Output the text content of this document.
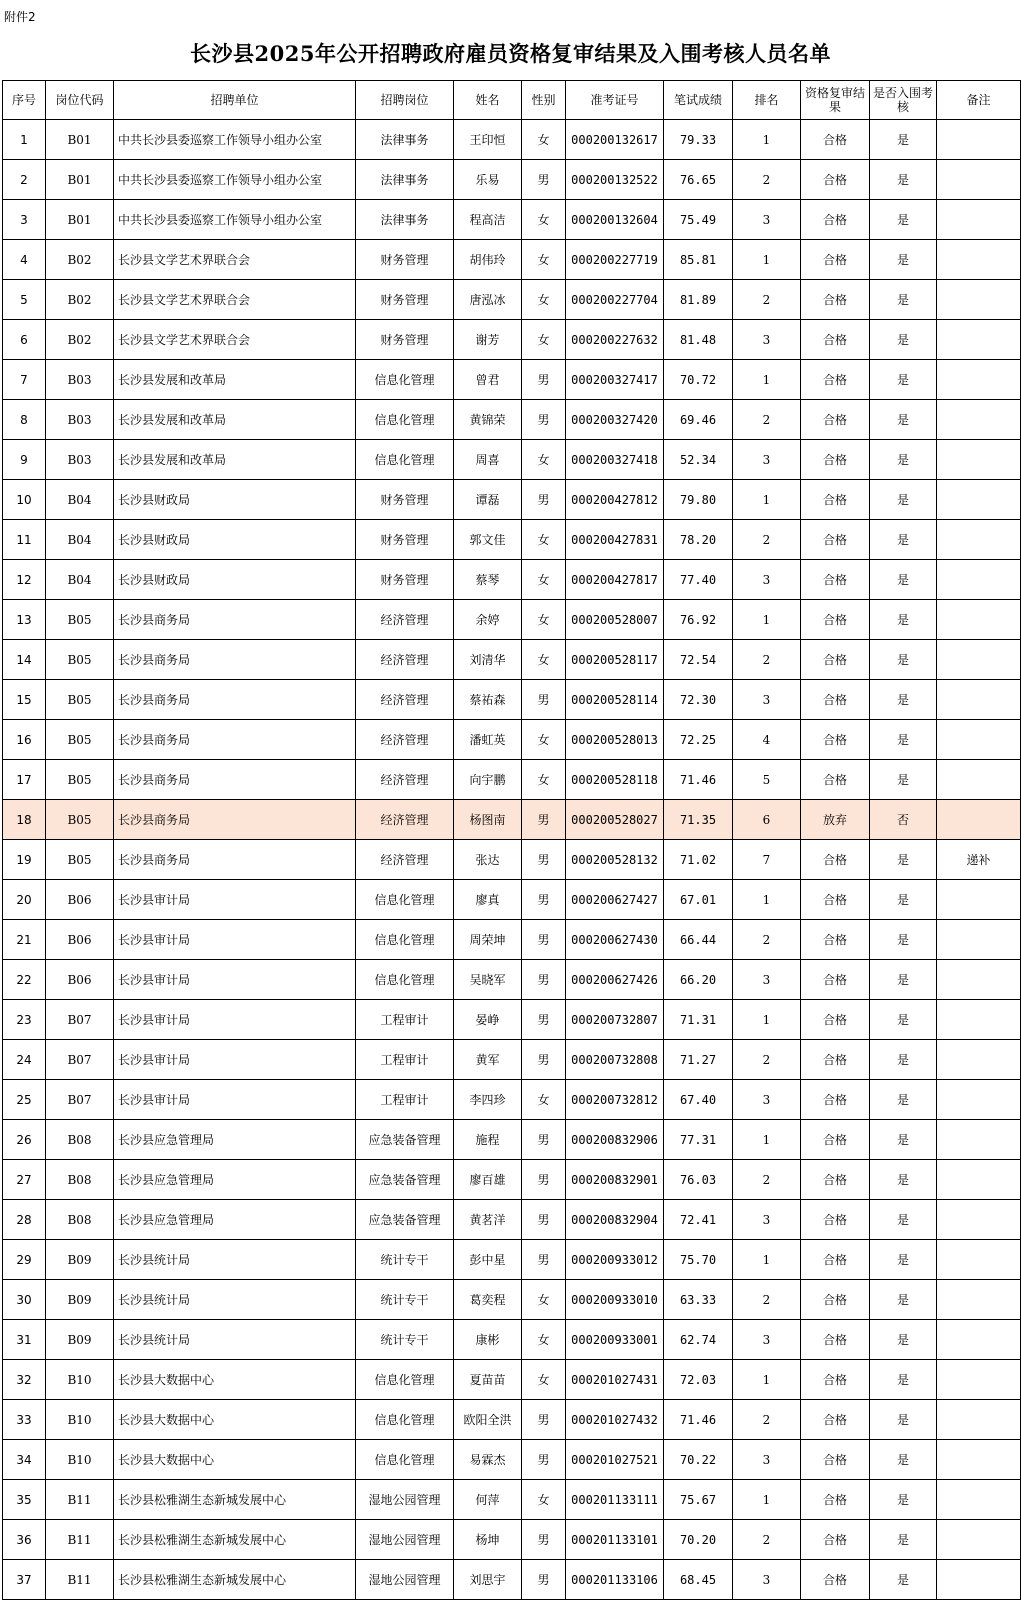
附件2
长沙县2025年公开招聘政府雇员资格复审结果及入围考核人员名单
序号	岗位代码	招聘单位	招聘岗位	姓名	性别	准考证号	笔试成绩	排名	资格复审结果	是否入围考核	备注
1	B01	中共长沙县委巡察工作领导小组办公室	法律事务	王印恒	女	000200132617	79.33	1	合格	是	
2	B01	中共长沙县委巡察工作领导小组办公室	法律事务	乐易	男	000200132522	76.65	2	合格	是	
3	B01	中共长沙县委巡察工作领导小组办公室	法律事务	程高洁	女	000200132604	75.49	3	合格	是	
4	B02	长沙县文学艺术界联合会	财务管理	胡伟玲	女	000200227719	85.81	1	合格	是	
5	B02	长沙县文学艺术界联合会	财务管理	唐泓冰	女	000200227704	81.89	2	合格	是	
6	B02	长沙县文学艺术界联合会	财务管理	谢芳	女	000200227632	81.48	3	合格	是	
7	B03	长沙县发展和改革局	信息化管理	曾君	男	000200327417	70.72	1	合格	是	
8	B03	长沙县发展和改革局	信息化管理	黄锦荣	男	000200327420	69.46	2	合格	是	
9	B03	长沙县发展和改革局	信息化管理	周喜	女	000200327418	52.34	3	合格	是	
10	B04	长沙县财政局	财务管理	谭磊	男	000200427812	79.80	1	合格	是	
11	B04	长沙县财政局	财务管理	郭文佳	女	000200427831	78.20	2	合格	是	
12	B04	长沙县财政局	财务管理	蔡琴	女	000200427817	77.40	3	合格	是	
13	B05	长沙县商务局	经济管理	余婷	女	000200528007	76.92	1	合格	是	
14	B05	长沙县商务局	经济管理	刘清华	女	000200528117	72.54	2	合格	是	
15	B05	长沙县商务局	经济管理	蔡祐森	男	000200528114	72.30	3	合格	是	
16	B05	长沙县商务局	经济管理	潘虹英	女	000200528013	72.25	4	合格	是	
17	B05	长沙县商务局	经济管理	向宇鹏	女	000200528118	71.46	5	合格	是	
18	B05	长沙县商务局	经济管理	杨图南	男	000200528027	71.35	6	放弃	否	
19	B05	长沙县商务局	经济管理	张达	男	000200528132	71.02	7	合格	是	递补
20	B06	长沙县审计局	信息化管理	廖真	男	000200627427	67.01	1	合格	是	
21	B06	长沙县审计局	信息化管理	周荣坤	男	000200627430	66.44	2	合格	是	
22	B06	长沙县审计局	信息化管理	吴晓军	男	000200627426	66.20	3	合格	是	
23	B07	长沙县审计局	工程审计	晏峥	男	000200732807	71.31	1	合格	是	
24	B07	长沙县审计局	工程审计	黄军	男	000200732808	71.27	2	合格	是	
25	B07	长沙县审计局	工程审计	李四珍	女	000200732812	67.40	3	合格	是	
26	B08	长沙县应急管理局	应急装备管理	施程	男	000200832906	77.31	1	合格	是	
27	B08	长沙县应急管理局	应急装备管理	廖百雄	男	000200832901	76.03	2	合格	是	
28	B08	长沙县应急管理局	应急装备管理	黄茗洋	男	000200832904	72.41	3	合格	是	
29	B09	长沙县统计局	统计专干	彭中星	男	000200933012	75.70	1	合格	是	
30	B09	长沙县统计局	统计专干	葛奕程	女	000200933010	63.33	2	合格	是	
31	B09	长沙县统计局	统计专干	康彬	女	000200933001	62.74	3	合格	是	
32	B10	长沙县大数据中心	信息化管理	夏苗苗	女	000201027431	72.03	1	合格	是	
33	B10	长沙县大数据中心	信息化管理	欧阳全洪	男	000201027432	71.46	2	合格	是	
34	B10	长沙县大数据中心	信息化管理	易霖杰	男	000201027521	70.22	3	合格	是	
35	B11	长沙县松雅湖生态新城发展中心	湿地公园管理	何萍	女	000201133111	75.67	1	合格	是	
36	B11	长沙县松雅湖生态新城发展中心	湿地公园管理	杨坤	男	000201133101	70.20	2	合格	是	
37	B11	长沙县松雅湖生态新城发展中心	湿地公园管理	刘思宇	男	000201133106	68.45	3	合格	是	
